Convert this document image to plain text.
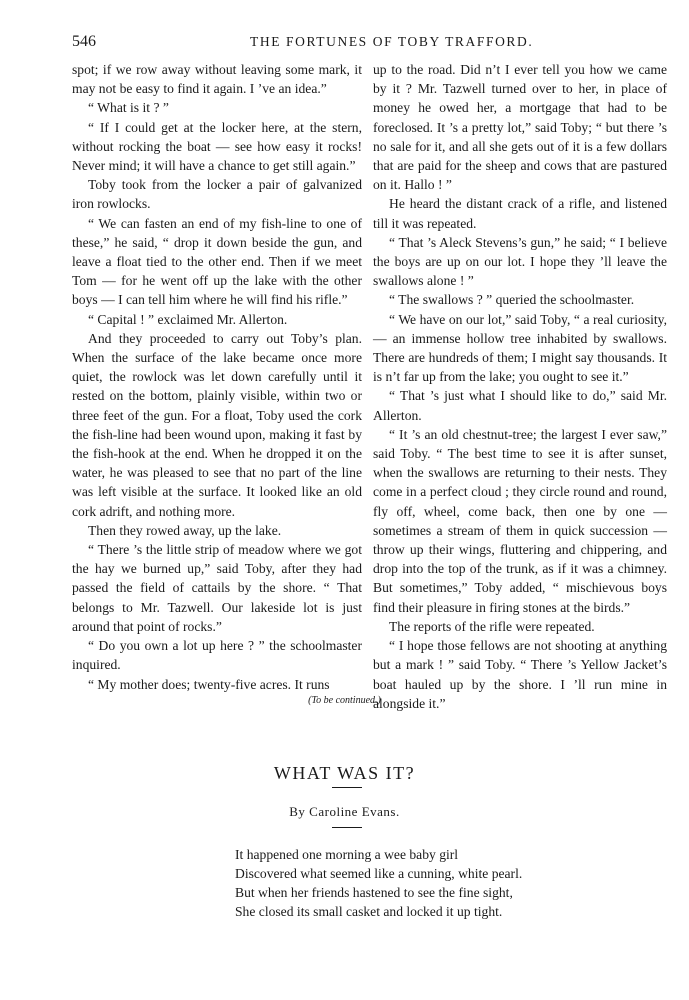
546	THE FORTUNES OF TOBY TRAFFORD.

spot; if we row away without leaving some mark, it may not be easy to find it again. I ’ve an idea.”

“ What is it ? ”

“ If I could get at the locker here, at the stern, without rocking the boat — see how easy it rocks! Never mind; it will have a chance to get still again.”

Toby took from the locker a pair of galvanized iron rowlocks.

“ We can fasten an end of my fish-line to one of these,” he said, “ drop it down beside the gun, and leave a float tied to the other end. Then if we meet Tom — for he went off up the lake with the other boys — I can tell him where he will find his rifle.”

“ Capital ! ” exclaimed Mr. Allerton.

And they proceeded to carry out Toby’s plan. When the surface of the lake became once more quiet, the rowlock was let down carefully until it rested on the bottom, plainly visible, within two or three feet of the gun. For a float, Toby used the cork the fish-line had been wound upon, making it fast by the fish-hook at the end. When he dropped it on the water, he was pleased to see that no part of the line was left visible at the surface. It looked like an old cork adrift, and nothing more.

Then they rowed away, up the lake.

“ There ’s the little strip of meadow where we got the hay we burned up,” said Toby, after they had passed the field of cattails by the shore. “ That belongs to Mr. Tazwell. Our lakeside lot is just around that point of rocks.”

“ Do you own a lot up here ? ” the schoolmaster inquired.

“ My mother does; twenty-five acres. It runs

up to the road. Did n’t I ever tell you how we came by it ? Mr. Tazwell turned over to her, in place of money he owed her, a mortgage that had to be foreclosed. It ’s a pretty lot,” said Toby; “ but there ’s no sale for it, and all she gets out of it is a few dollars that are paid for the sheep and cows that are pastured on it. Hallo ! ”

He heard the distant crack of a rifle, and listened till it was repeated.

“ That ’s Aleck Stevens’s gun,” he said; “ I believe the boys are up on our lot. I hope they ’ll leave the swallows alone ! ”

“ The swallows ? ” queried the schoolmaster.

“ We have on our lot,” said Toby, “ a real curiosity,— an immense hollow tree inhabited by swallows. There are hundreds of them; I might say thousands. It is n’t far up from the lake; you ought to see it.”

“ That ’s just what I should like to do,” said Mr. Allerton.

“ It ’s an old chestnut-tree; the largest I ever saw,” said Toby. “ The best time to see it is after sunset, when the swallows are returning to their nests. They come in a perfect cloud ; they circle round and round, fly off, wheel, come back, then one by one — sometimes a stream of them in quick succession — throw up their wings, fluttering and chippering, and drop into the top of the trunk, as if it was a chimney. But sometimes,” Toby added, “ mischievous boys find their pleasure in firing stones at the birds.”

The reports of the rifle were repeated.

“ I hope those fellows are not shooting at anything but a mark ! ” said Toby. “ There ’s Yellow Jacket’s boat hauled up by the shore. I ’ll run mine in alongside it.”

(To be continued.)
WHAT WAS IT?
By Caroline Evans.

It happened one morning a wee baby girl

Discovered what seemed like a cunning, white pearl.

But when her friends hastened to see the fine sight,

She closed its small casket and locked it up tight.
